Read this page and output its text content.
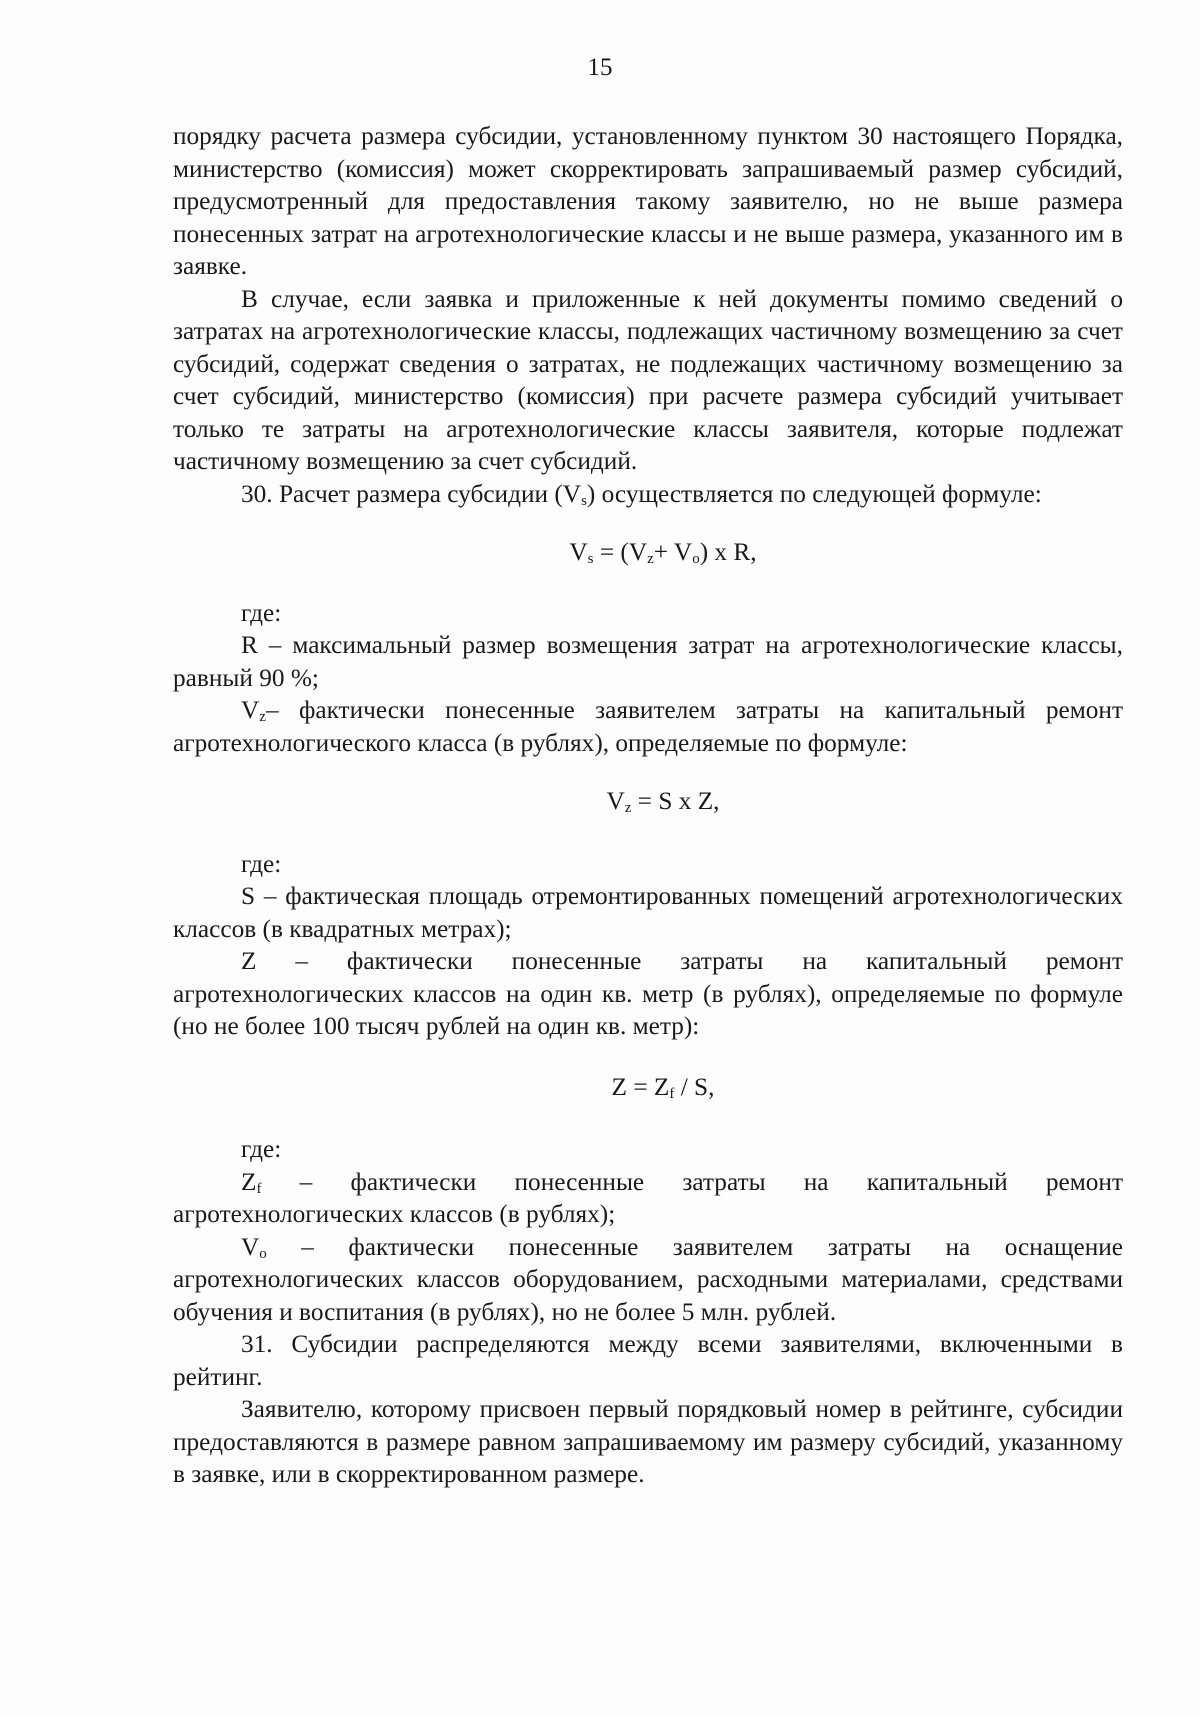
15

порядку расчета размера субсидии, установленному пунктом 30 настоящего Порядка, министерство (комиссия) может скорректировать запрашиваемый размер субсидий, предусмотренный для предоставления такому заявителю, но не выше размера понесенных затрат на агротехнологические классы и не выше размера, указанного им в заявке.

В случае, если заявка и приложенные к ней документы помимо сведений о затратах на агротехнологические классы, подлежащих частичному возмещению за счет субсидий, содержат сведения о затратах, не подлежащих частичному возмещению за счет субсидий, министерство (комиссия) при расчете размера субсидий учитывает только те затраты на агротехнологические классы заявителя, которые подлежат частичному возмещению за счет субсидий.

30. Расчет размера субсидии $(V_s)$ осуществляется по следующей формуле:

$V_s = (V_z+ V_o)$ x R,

где:

R – максимальный размер возмещения затрат на агротехнологические классы, равный 90 %;

$V_z-$ фактически понесенные заявителем затраты на капитальный ремонт агротехнологического класса (в рублях), определяемые по формуле:

$V_z = S$ x Z,

где:

S – фактическая площадь отремонтированных помещений агротехнологических классов (в квадратных метрах);

Z – фактически понесенные затраты на капитальный ремонт агротехнологических классов на один кв. метр (в рублях), определяемые по формуле (но не более 100 тысяч рублей на один кв. метр):

$Z = Z_f / S$,

где:

$Z_f$ – фактически понесенные затраты на капитальный ремонт агротехнологических классов (в рублях);

$V_o$ – фактически понесенные заявителем затраты на оснащение агротехнологических классов оборудованием, расходными материалами, средствами обучения и воспитания (в рублях), но не более 5 млн. рублей.

31. Субсидии распределяются между всеми заявителями, включенными в рейтинг.

Заявителю, которому присвоен первый порядковый номер в рейтинге, субсидии предоставляются в размере равном запрашиваемому им размеру субсидий, указанному в заявке, или в скорректированном размере.
